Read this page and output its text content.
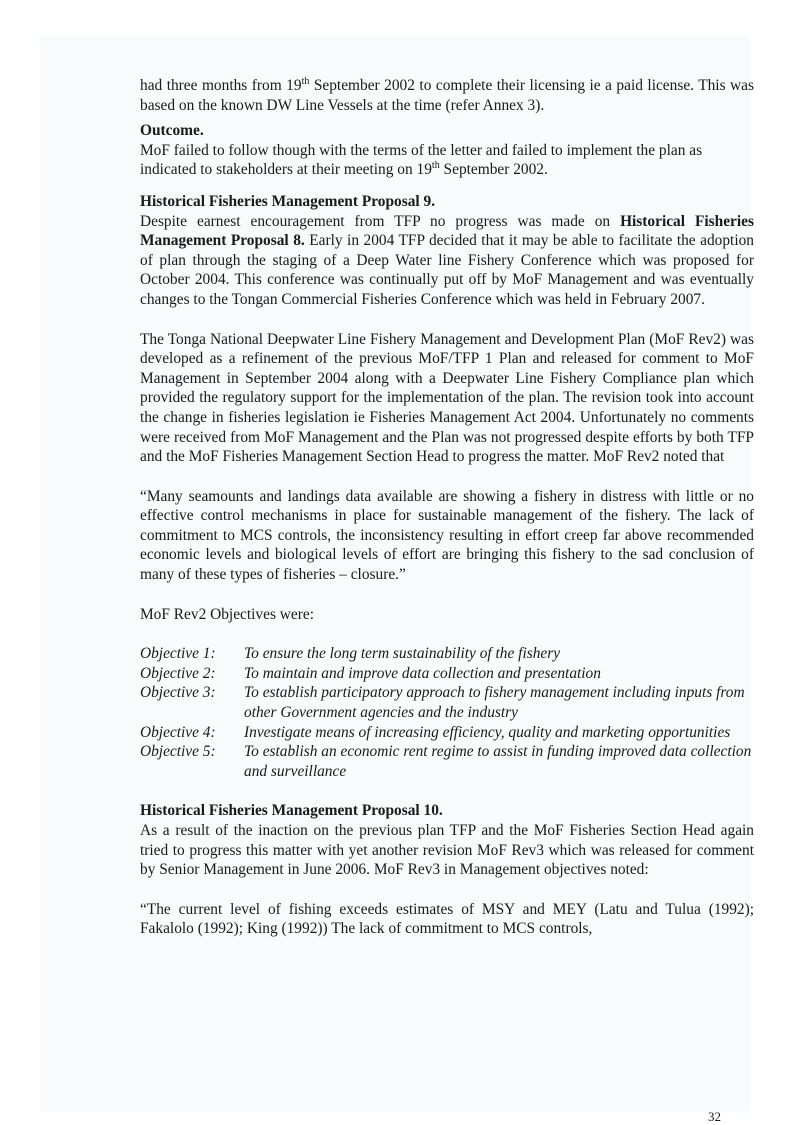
had three months from 19th September 2002 to complete their licensing ie a paid license. This was based on the known DW Line Vessels at the time (refer Annex 3).

Outcome.

MoF failed to follow though with the terms of the letter and failed to implement the plan as indicated to stakeholders at their meeting on 19th September 2002.

Historical Fisheries Management Proposal 9.

Despite earnest encouragement from TFP no progress was made on Historical Fisheries Management Proposal 8. Early in 2004 TFP decided that it may be able to facilitate the adoption of plan through the staging of a Deep Water line Fishery Conference which was proposed for October 2004. This conference was continually put off by MoF Management and was eventually changes to the Tongan Commercial Fisheries Conference which was held in February 2007.

The Tonga National Deepwater Line Fishery Management and Development Plan (MoF Rev2) was developed as a refinement of the previous MoF/TFP 1 Plan and released for comment to MoF Management in September 2004 along with a Deepwater Line Fishery Compliance plan which provided the regulatory support for the implementation of the plan. The revision took into account the change in fisheries legislation ie Fisheries Management Act 2004. Unfortunately no comments were received from MoF Management and the Plan was not progressed despite efforts by both TFP and the MoF Fisheries Management Section Head to progress the matter. MoF Rev2 noted that

“Many seamounts and landings data available are showing a fishery in distress with little or no effective control mechanisms in place for sustainable management of the fishery. The lack of commitment to MCS controls, the inconsistency resulting in effort creep far above recommended economic levels and biological levels of effort are bringing this fishery to the sad conclusion of many of these types of fisheries – closure.”

MoF Rev2 Objectives were:

Objective 1:	To ensure the long term sustainability of the fishery
Objective 2:	To maintain and improve data collection and presentation
Objective 3:	To establish participatory approach to fishery management including inputs from other Government agencies and the industry
Objective 4:	Investigate means of increasing efficiency, quality and marketing opportunities
Objective 5:	To establish an economic rent regime to assist in funding improved data collection and surveillance

Historical Fisheries Management Proposal 10.

As a result of the inaction on the previous plan TFP and the MoF Fisheries Section Head again tried to progress this matter with yet another revision MoF Rev3 which was released for comment by Senior Management in June 2006. MoF Rev3 in Management objectives noted:

“The current level of fishing exceeds estimates of MSY and MEY (Latu and Tulua (1992); Fakalolo (1992); King (1992)) The lack of commitment to MCS controls,

32
